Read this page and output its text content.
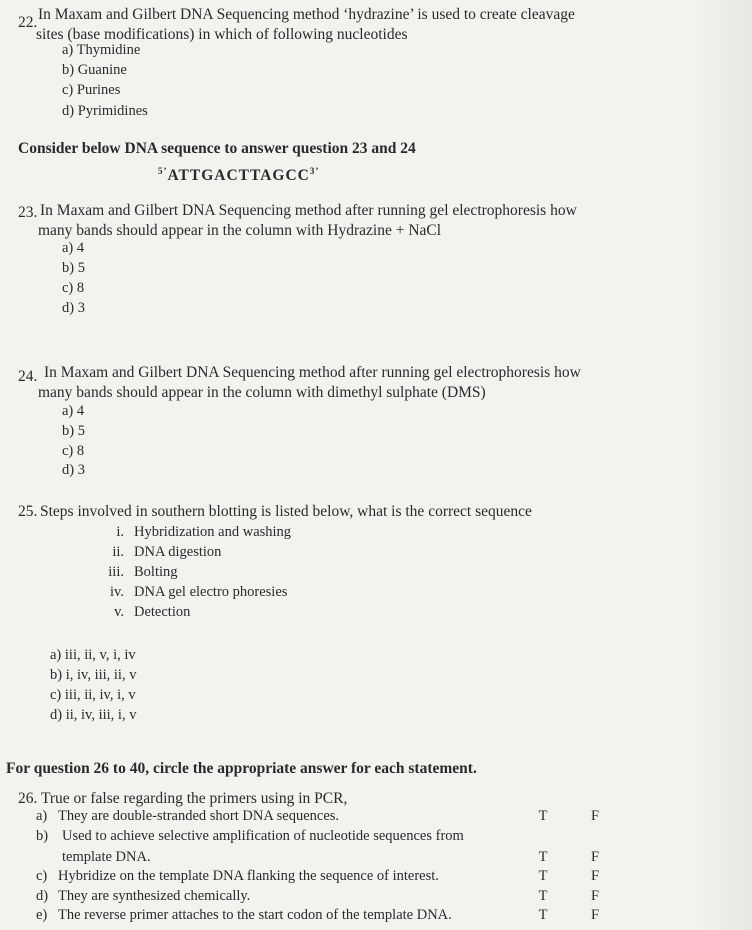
22. In Maxam and Gilbert DNA Sequencing method ‘hydrazine’ is used to create cleavage
sites (base modifications) in which of following nucleotides
a) Thymidine
b) Guanine
c) Purines
d) Pyrimidines
Consider below DNA sequence to answer question 23 and 24
$^{5’}ATTGACTTAGCC^{3’}$
23. In Maxam and Gilbert DNA Sequencing method after running gel electrophoresis how
many bands should appear in the column with Hydrazine + NaCl
a) 4
b) 5
c) 8
d) 3
24. In Maxam and Gilbert DNA Sequencing method after running gel electrophoresis how
many bands should appear in the column with dimethyl sulphate (DMS)
a) 4
b) 5
c) 8
d) 3
25. Steps involved in southern blotting is listed below, what is the correct sequence
i. Hybridization and washing
ii. DNA digestion
iii. Bolting
iv. DNA gel electro phoresies
v. Detection
a) iii, ii, v, i, iv
b) i, iv, iii, ii, v
c) iii, ii, iv, i, v
d) ii, iv, iii, i, v
For question 26 to 40, circle the appropriate answer for each statement.
26. True or false regarding the primers using in PCR,
a) They are double-stranded short DNA sequences.	T	F
b) Used to achieve selective amplification of nucleotide sequences from
template DNA.	T	F
c) Hybridize on the template DNA flanking the sequence of interest.	T	F
d) They are synthesized chemically.	T	F
e) The reverse primer attaches to the start codon of the template DNA.	T	F
